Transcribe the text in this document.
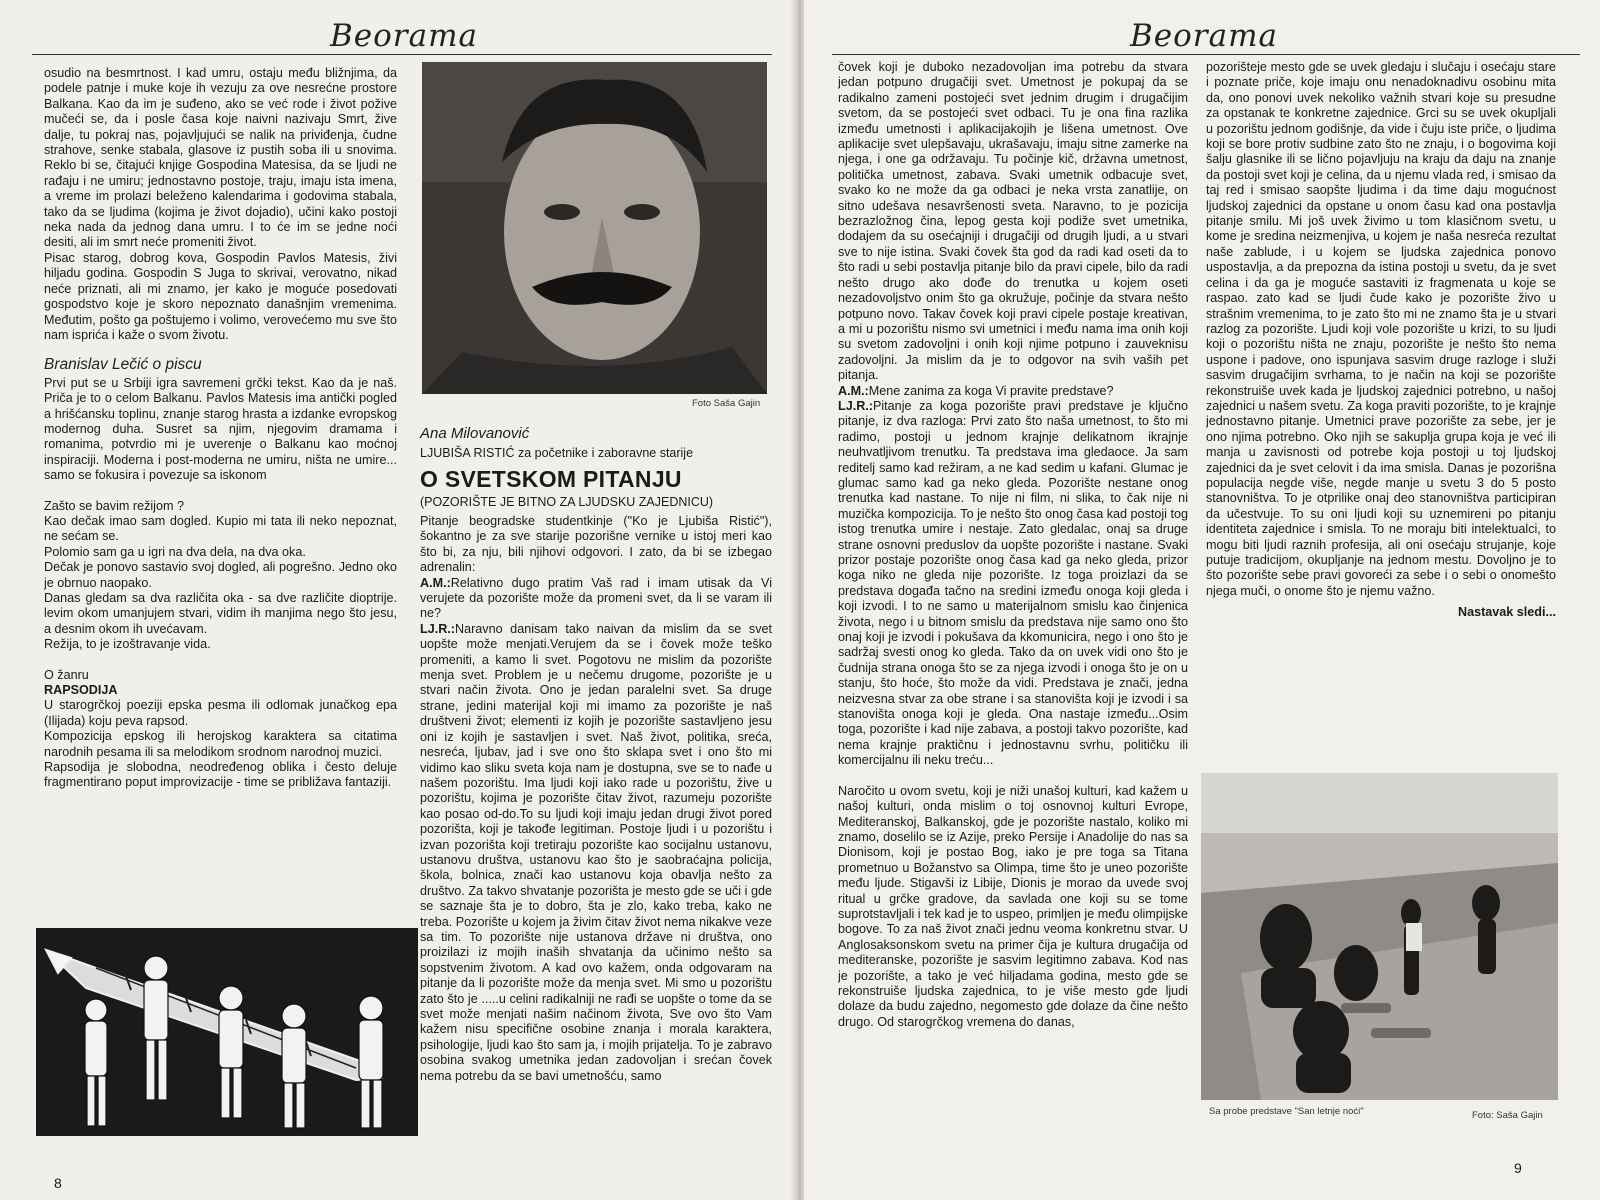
Beorama

osudio na besmrtnost. I kad umru, ostaju među bližnjima, da podele patnje i muke koje ih vezuju za ove nesrećne prostore Balkana. Kao da im je suđeno, ako se već rode i život požive mučeći se, da i posle časa koje naivni nazivaju Smrt, žive dalje, tu pokraj nas, pojavljujući se nalik na priviđenja, čudne strahove, senke stabala, glasove iz pustih soba ili u snovima. Reklo bi se, čitajući knjige Gospodina Matesisa, da se ljudi ne rađaju i ne umiru; jednostavno postoje, traju, imaju ista imena, a vreme im prolazi beleženo kalendarima i godovima stabala, tako da se ljudima (kojima je život dojadio), učini kako postoji neka nada da jednog dana umru. I to će im se jedne noći desiti, ali im smrt neće promeniti život.

Pisac starog, dobrog kova, Gospodin Pavlos Matesis, živi hiljadu godina. Gospodin S Juga to skrivai, verovatno, nikad neće priznati, ali mi znamo, jer kako je moguće posedovati gospodstvo koje je skoro nepoznato današnjim vremenima. Međutim, pošto ga poštujemo i volimo, verovećemo mu sve što nam isprića i kaže o svom životu.

Branislav Lečić o piscu

Prvi put se u Srbiji igra savremeni grčki tekst. Kao da je naš. Priča je to o celom Balkanu. Pavlos Matesis ima antički pogled a hrišćansku toplinu, znanje starog hrasta a izdanke evropskog modernog duha. Susret sa njim, njegovim dramama i romanima, potvrdio mi je uverenje o Balkanu kao moćnoj inspiraciji. Moderna i post-moderna ne umiru, ništa ne umire... samo se fokusira i povezuje sa iskonom

Zašto se bavim režijom ?

Kao dečak imao sam dogled. Kupio mi tata ili neko nepoznat, ne sećam se.

Polomio sam ga u igri na dva dela, na dva oka.

Dečak je ponovo sastavio svoj dogled, ali pogrešno. Jedno oko je obrnuo naopako.

Danas gledam sa dva različita oka - sa dve različite dioptrije. levim okom umanjujem stvari, vidim ih manjima nego što jesu, a desnim okom ih uvećavam.

Režija, to je izoštravanje vida.

O žanru

RAPSODIJA

U starogrčkoj poeziji epska pesma ili odlomak junačkog epa (Ilijada) koju peva rapsod.

Kompozicija epskog ili herojskog karaktera sa citatima narodnih pesama ili sa melodikom srodnom narodnoj muzici.

Rapsodija je slobodna, neodređenog oblika i često deluje fragmentirano poput improvizacije - time se približava fantaziji.

Foto Saša Gajin
Ana Milovanović
LJUBIŠA RISTIĆ za početnike i zaboravne starije
O SVETSKOM PITANJU
(POZORIŠTE JE BITNO ZA LJUDSKU ZAJEDNICU)

Pitanje beogradske studentkinje ("Ko je Ljubiša Ristić"), šokantno je za sve starije pozorišne vernike u istoj meri kao što bi, za nju, bili njihovi odgovori. I zato, da bi se izbegao adrenalin:

A.M.:Relativno dugo pratim Vaš rad i imam utisak da Vi verujete da pozorište može da promeni svet, da li se varam ili ne?

LJ.R.:Naravno danisam tako naivan da mislim da se svet uopšte može menjati.Verujem da se i čovek može teško promeniti, a kamo li svet. Pogotovu ne mislim da pozorište menja svet. Problem je u nečemu drugome, pozorište je u stvari način života. Ono je jedan paralelni svet. Sa druge strane, jedini materijal koji mi imamo za pozorište je naš društveni život; elementi iz kojih je pozorište sastavljeno jesu oni iz kojih je sastavljen i svet. Naš život, politika, sreća, nesreća, ljubav, jad i sve ono što sklapa svet i ono što mi vidimo kao sliku sveta koja nam je dostupna, sve se to nađe u našem pozorištu. Ima ljudi koji iako rade u pozorištu, žive u pozorištu, kojima je pozorište čitav život, razumeju pozorište kao posao od-do.To su ljudi koji imaju jedan drugi život pored pozorišta, koji je takođe legitiman. Postoje ljudi i u pozorištu i izvan pozorišta koji tretiraju pozorište kao socijalnu ustanovu, ustanovu društva, ustanovu kao što je saobraćajna policija, škola, bolnica, znači kao ustanovu koja obavlja nešto za društvo. Za takvo shvatanje pozorišta je mesto gde se uči i gde se saznaje šta je to dobro, šta je zlo, kako treba, kako ne treba. Pozorište u kojem ja živim čitav život nema nikakve veze sa tim. To pozorište nije ustanova države ni društva, ono proizilazi iz mojih inaših shvatanja da učinimo nešto sa sopstvenim životom. A kad ovo kažem, onda odgovaram na pitanje da li pozorište može da menja svet. Mi smo u pozorištu zato što je .....u celini radikalniji ne rađi se uopšte o tome da se svet može menjati našim načinom života, Sve ovo što Vam kažem nisu specifične osobine znanja i morala karaktera, psihologije, ljudi kao što sam ja, i mojih prijatelja. To je zabravo osobina svakog umetnika jedan zadovoljan i srećan čovek nema potrebu da se bavi umetnošću, samo

8
Beorama

čovek koji je duboko nezadovoljan ima potrebu da stvara jedan potpuno drugačiji svet. Umetnost je pokupaj da se radikalno zameni postojeći svet jednim drugim i drugačijim svetom, da se postojeći svet odbaci. Tu je ona fina razlika između umetnosti i aplikacijakojih je lišena umetnost. Ove aplikacije svet ulepšavaju, ukrašavaju, imaju sitne zamerke na njega, i one ga održavaju. Tu počinje kič, državna umetnost, politička umetnost, zabava. Svaki umetnik odbacuje svet, svako ko ne može da ga odbaci je neka vrsta zanatlije, on sitno udešava nesavršenosti sveta. Naravno, to je pozicija bezrazložnog čina, lepog gesta koji podiže svet umetnika, dodajem da su osećajniji i drugačiji od drugih ljudi, a u stvari sve to nije istina. Svaki čovek šta god da radi kad oseti da to što radi u sebi postavlja pitanje bilo da pravi cipele, bilo da radi nešto drugo ako dođe do trenutka u kojem oseti nezadovoljstvo onim što ga okružuje, počinje da stvara nešto potpuno novo. Takav čovek koji pravi cipele postaje kreativan, a mi u pozorištu nismo svi umetnici i među nama ima onih koji su svetom zadovoljni i onih koji njime potpuno i zauveknisu zadovoljni. Ja mislim da je to odgovor na svih vaših pet pitanja.

A.M.:Mene zanima za koga Vi pravite predstave?

LJ.R.:Pitanje za koga pozorište pravi predstave je ključno pitanje, iz dva razloga: Prvi zato što naša umetnost, to što mi radimo, postoji u jednom krajnje delikatnom ikrajnje neuhvatljivom trenutku. Ta predstava ima gledaoce. Ja sam reditelj samo kad režiram, a ne kad sedim u kafani. Glumac je glumac samo kad ga neko gleda. Pozorište nestane onog trenutka kad nastane. To nije ni film, ni slika, to čak nije ni muzička kompozicija. To je nešto što onog časa kad postoji tog istog trenutka umire i nestaje. Zato gledalac, onaj sa druge strane osnovni preduslov da uopšte pozorište i nastane. Svaki prizor postaje pozorište onog časa kad ga neko gleda, prizor koga niko ne gleda nije pozorište. Iz toga proizlazi da se predstava događa tačno na sredini između onoga koji gleda i koji izvodi. I to ne samo u materijalnom smislu kao činjenica života, nego i u bitnom smislu da predstava nije samo ono što onaj koji je izvodi i pokušava da kkomunicira, nego i ono što je sadržaj svesti onog ko gleda. Tako da on uvek vidi ono što je čudnija strana onoga što se za njega izvodi i onoga što je on u stanju, što hoće, što može da vidi. Predstava je znači, jedna neizvesna stvar za obe strane i sa stanovišta koji je izvodi i sa stanovišta onoga koji je gleda. Ona nastaje između...Osim toga, pozorište i kad nije zabava, a postoji takvo pozorište, kad nema krajnje praktičnu i jednostavnu svrhu, političku ili komercijalnu ili neku treću...

Naročito u ovom svetu, koji je niži unašoj kulturi, kad kažem u našoj kulturi, onda mislim o toj osnovnoj kulturi Evrope, Mediteranskoj, Balkanskoj, gde je pozorište nastalo, koliko mi znamo, doselilo se iz Azije, preko Persije i Anadolije do nas sa Dionisom, koji je postao Bog, iako je pre toga sa Titana prometnuo u Božanstvo sa Olimpa, time što je uneo pozorište među ljude. Stigavši iz Libije, Dionis je morao da uvede svoj ritual u grčke gradove, da savlada one koji su se tome suprotstavljali i tek kad je to uspeo, primljen je među olimpijske bogove. To za naš život znači jednu veoma konkretnu stvar. U Anglosaksonskom svetu na primer čija je kultura drugačija od mediteranske, pozorište je sasvim legitimno zabava. Kod nas je pozorište, a tako je već hiljadama godina, mesto gde se rekonstruiše ljudska zajednica, to je više mesto gde ljudi dolaze da budu zajedno, negomesto gde dolaze da čine nešto drugo. Od starogrčkog vremena do danas,

pozorišteje mesto gde se uvek gledaju i slučaju i osećaju stare i poznate priče, koje imaju onu nenadoknadivu osobinu mita da, ono ponovi uvek nekoliko važnih stvari koje su presudne za opstanak te konkretne zajednice. Grci su se uvek okupljali u pozorištu jednom godišnje, da vide i čuju iste priče, o ljudima koji se bore protiv sudbine zato što ne znaju, i o bogovima koji šalju glasnike ili se lično pojavljuju na kraju da daju na znanje da postoji svet koji je celina, da u njemu vlada red, i smisao da taj red i smisao saopšte ljudima i da time daju mogućnost ljudskoj zajednici da opstane u onom času kad ona postavlja pitanje smilu. Mi još uvek živimo u tom klasičnom svetu, u kome je sredina neizmenjiva, u kojem je naša nesreća rezultat naše zablude, i u kojem se ljudska zajednica ponovo uspostavlja, a da prepozna da istina postoji u svetu, da je svet celina i da ga je moguće sastaviti iz fragmenata u koje se raspao. zato kad se ljudi čude kako je pozorište živo u strašnim vremenima, to je zato što mi ne znamo šta je u stvari razlog za pozorište. Ljudi koji vole pozorište u krizi, to su ljudi koji o pozorištu ništa ne znaju, pozorište je nešto što nema uspone i padove, ono ispunjava sasvim druge razloge i služi sasvim drugačijim svrhama, to je način na koji se pozorište rekonstruiše uvek kada je ljudskoj zajednici potrebno, u našoj zajednici u našem svetu. Za koga praviti pozorište, to je krajnje jednostavno pitanje. Umetnici prave pozorište za sebe, jer je ono njima potrebno. Oko njih se sakuplja grupa koja je već ili manja u zavisnosti od potrebe koja postoji u toj ljudskoj zajednici da je svet celovit i da ima smisla. Danas je pozorišna populacija negde više, negde manje u svetu 3 do 5 posto stanovništva. To je otprilike onaj deo stanovništva participiran da učestvuje. To su oni ljudi koji su uznemireni po pitanju identiteta zajednice i smisla. To ne moraju biti intelektualci, to mogu biti ljudi raznih profesija, ali oni osećaju strujanje, koje putuje tradicijom, okupljanje na jednom mestu. Dovoljno je to što pozorište sebe pravi govoreći za sebe i o sebi o onomešto njega muči, o onome što je njemu važno.

Nastavak sledi...

Sa probe predstave "San letnje noći"	Foto: Saša Gajin
9
